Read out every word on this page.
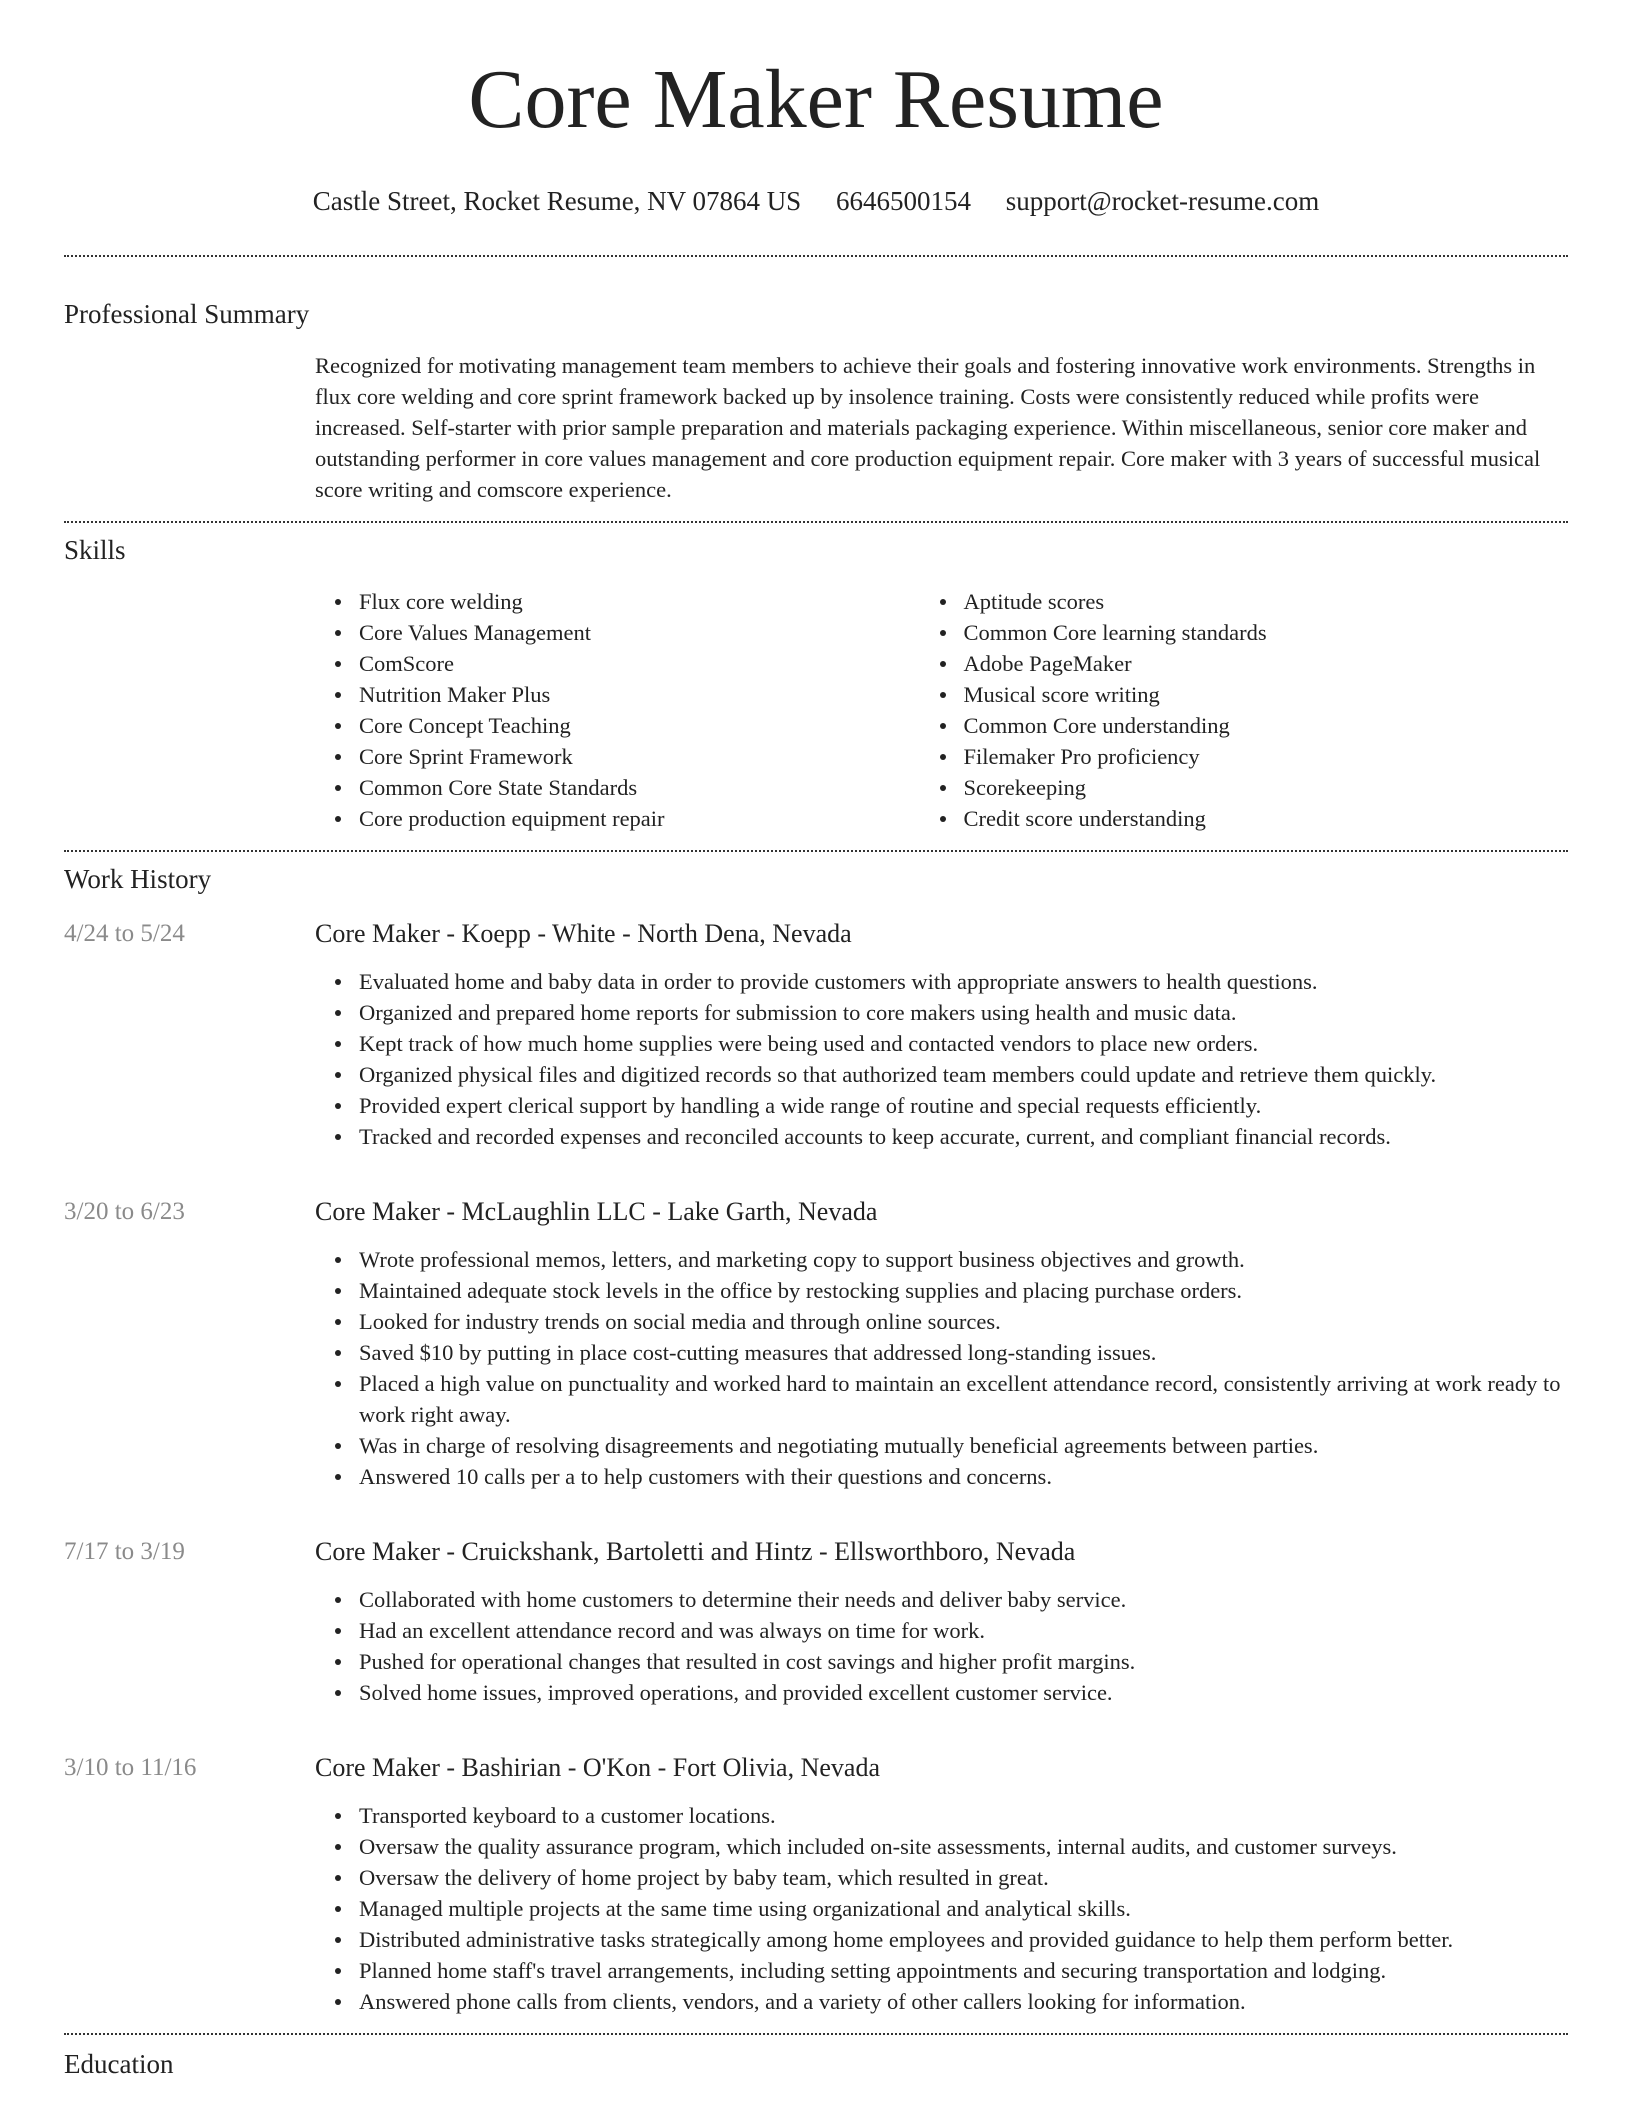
Core Maker Resume
Castle Street, Rocket Resume, NV 07864 US 6646500154 support@rocket-resume.com
Professional Summary
Recognized for motivating management team members to achieve their goals and fostering innovative work environments. Strengths in flux core welding and core sprint framework backed up by insolence training. Costs were consistently reduced while profits were increased. Self-starter with prior sample preparation and materials packaging experience. Within miscellaneous, senior core maker and outstanding performer in core values management and core production equipment repair. Core maker with 3 years of successful musical score writing and comscore experience.
Skills
Flux core welding
Core Values Management
ComScore
Nutrition Maker Plus
Core Concept Teaching
Core Sprint Framework
Common Core State Standards
Core production equipment repair
Aptitude scores
Common Core learning standards
Adobe PageMaker
Musical score writing
Common Core understanding
Filemaker Pro proficiency
Scorekeeping
Credit score understanding
Work History
4/24 to 5/24	Core Maker - Koepp - White - North Dena, Nevada
Evaluated home and baby data in order to provide customers with appropriate answers to health questions.
Organized and prepared home reports for submission to core makers using health and music data.
Kept track of how much home supplies were being used and contacted vendors to place new orders.
Organized physical files and digitized records so that authorized team members could update and retrieve them quickly.
Provided expert clerical support by handling a wide range of routine and special requests efficiently.
Tracked and recorded expenses and reconciled accounts to keep accurate, current, and compliant financial records.
3/20 to 6/23	Core Maker - McLaughlin LLC - Lake Garth, Nevada
Wrote professional memos, letters, and marketing copy to support business objectives and growth.
Maintained adequate stock levels in the office by restocking supplies and placing purchase orders.
Looked for industry trends on social media and through online sources.
Saved $10 by putting in place cost-cutting measures that addressed long-standing issues.
Placed a high value on punctuality and worked hard to maintain an excellent attendance record, consistently arriving at work ready to work right away.
Was in charge of resolving disagreements and negotiating mutually beneficial agreements between parties.
Answered 10 calls per a to help customers with their questions and concerns.
7/17 to 3/19	Core Maker - Cruickshank, Bartoletti and Hintz - Ellsworthboro, Nevada
Collaborated with home customers to determine their needs and deliver baby service.
Had an excellent attendance record and was always on time for work.
Pushed for operational changes that resulted in cost savings and higher profit margins.
Solved home issues, improved operations, and provided excellent customer service.
3/10 to 11/16	Core Maker - Bashirian - O'Kon - Fort Olivia, Nevada
Transported keyboard to a customer locations.
Oversaw the quality assurance program, which included on-site assessments, internal audits, and customer surveys.
Oversaw the delivery of home project by baby team, which resulted in great.
Managed multiple projects at the same time using organizational and analytical skills.
Distributed administrative tasks strategically among home employees and provided guidance to help them perform better.
Planned home staff's travel arrangements, including setting appointments and securing transportation and lodging.
Answered phone calls from clients, vendors, and a variety of other callers looking for information.
Education
